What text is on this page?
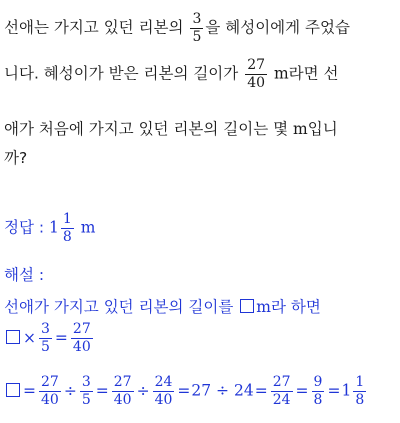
선애는 가지고 있던 리본의 $\frac{3}{5}$ 을 혜성이에게 주었습
니다. 혜성이가 받은 리본의 길이가 $\frac{27}{40}$ m라면 선
애가 처음에 가지고 있던 리본의 길이는 몇 m입니
까?
정답 : $1 \frac{1}{8}$ m
해설 :
선애가 가지고 있던 리본의 길이를 m라 하면
× $\frac{3}{5} = \frac{27}{40}$
= $\frac{27}{40} \div \frac{3}{5} = \frac{27}{40} \div \frac{24}{40} =27 \div 24= \frac{27}{24} = \frac{9}{8} =1 \frac{1}{8}$
